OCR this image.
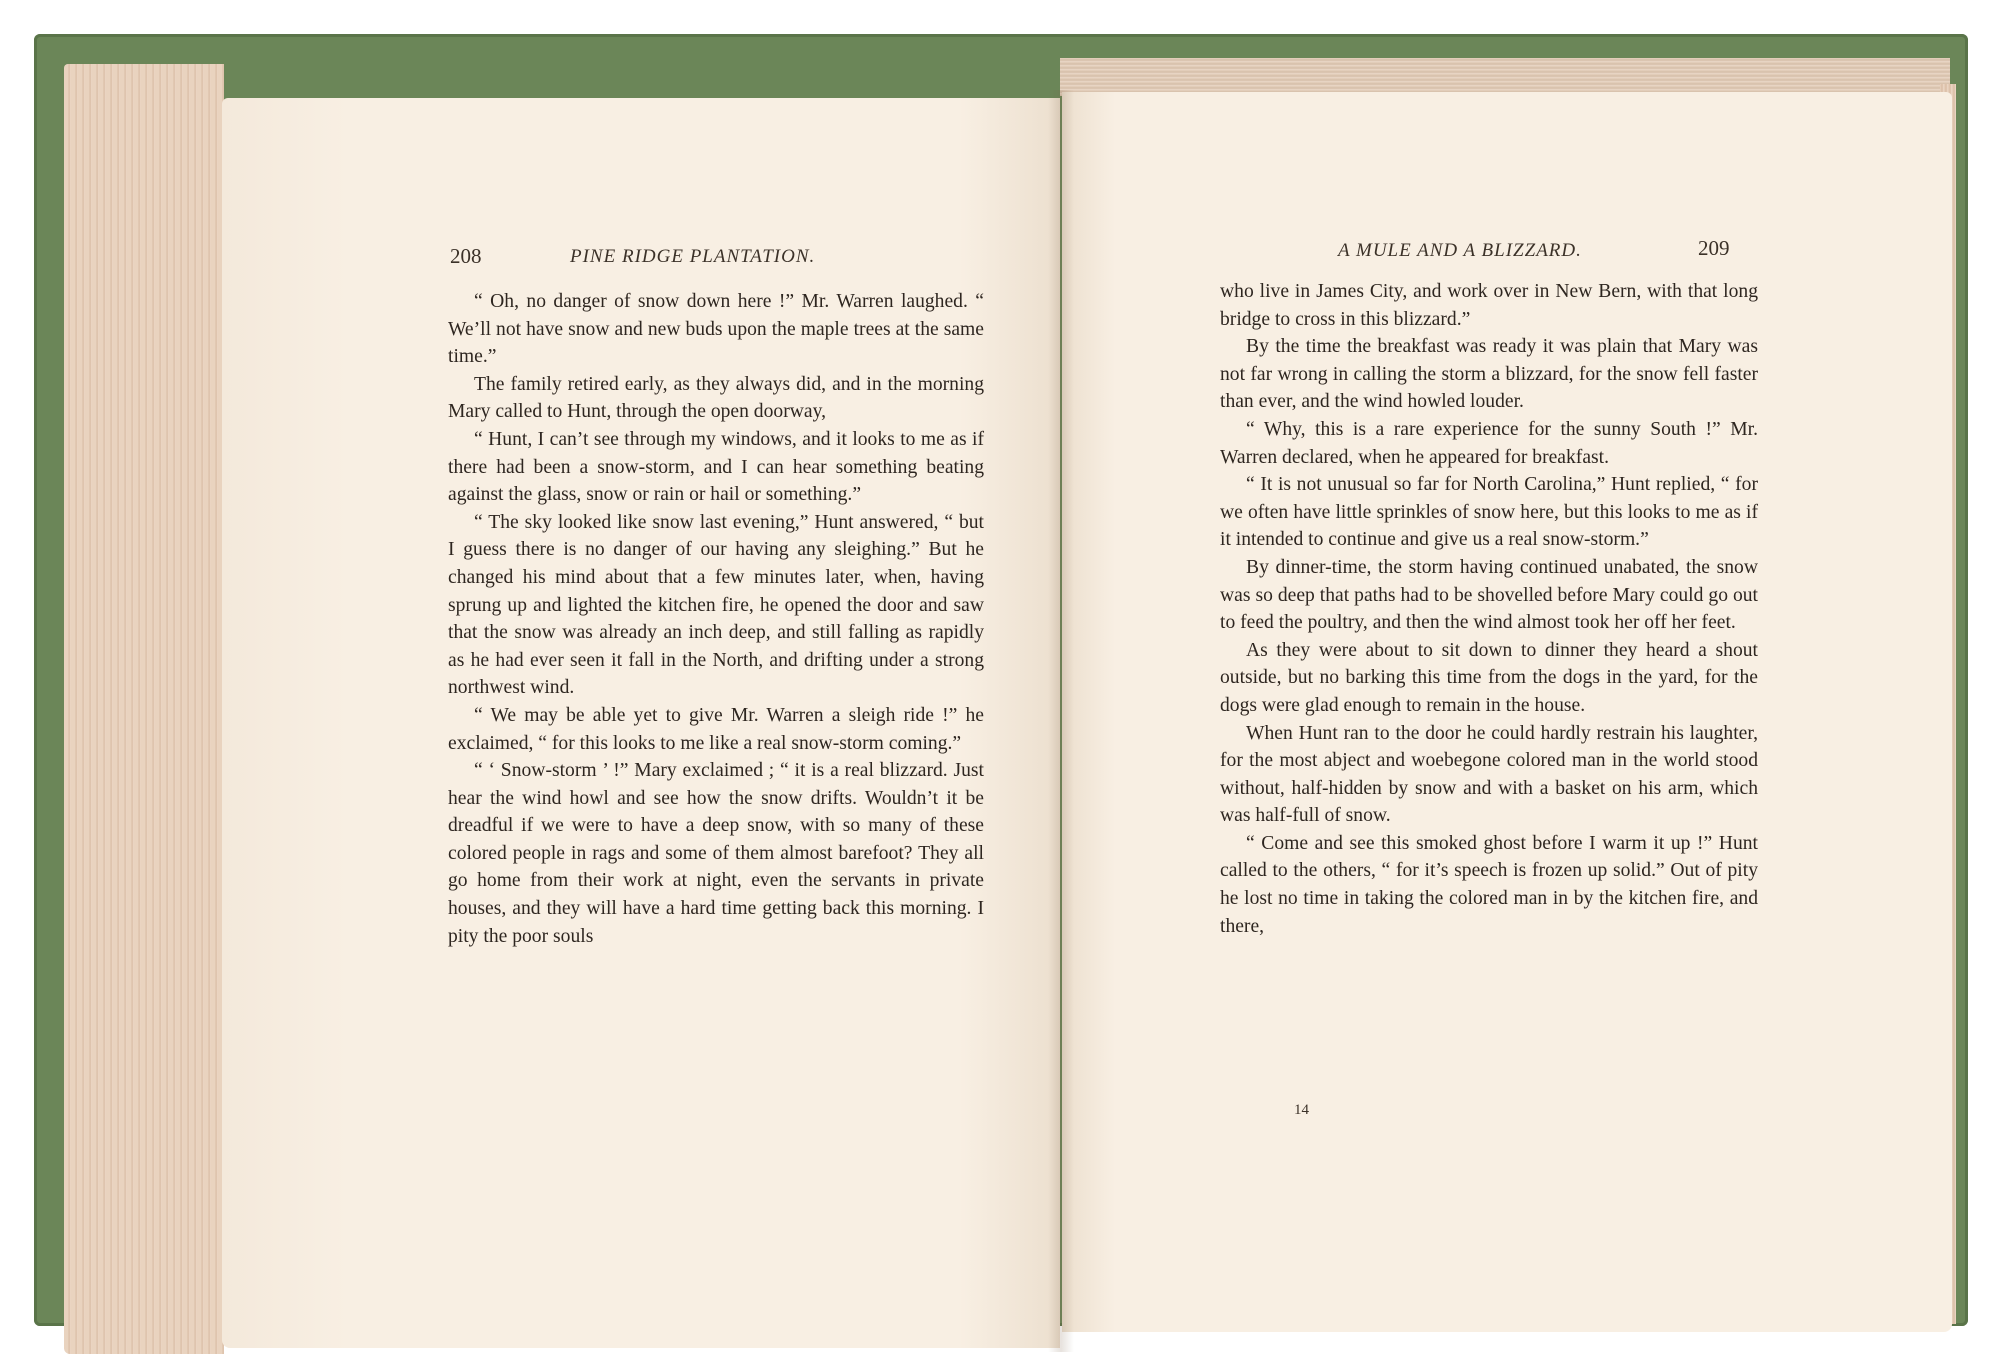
208	PINE RIDGE PLANTATION.

“ Oh, no danger of snow down here !” Mr. Warren laughed. “ We’ll not have snow and new buds upon the maple trees at the same time.”

The family retired early, as they always did, and in the morning Mary called to Hunt, through the open doorway,

“ Hunt, I can’t see through my windows, and it looks to me as if there had been a snow-storm, and I can hear something beating against the glass, snow or rain or hail or something.”

“ The sky looked like snow last evening,” Hunt answered, “ but I guess there is no danger of our having any sleighing.” But he changed his mind about that a few minutes later, when, having sprung up and lighted the kitchen fire, he opened the door and saw that the snow was already an inch deep, and still falling as rapidly as he had ever seen it fall in the North, and drifting under a strong northwest wind.

“ We may be able yet to give Mr. Warren a sleigh ride !” he exclaimed, “ for this looks to me like a real snow-storm coming.”

“ ‘ Snow-storm ’ !” Mary exclaimed ; “ it is a real blizzard. Just hear the wind howl and see how the snow drifts. Wouldn’t it be dreadful if we were to have a deep snow, with so many of these colored people in rags and some of them almost barefoot? They all go home from their work at night, even the servants in private houses, and they will have a hard time getting back this morning. I pity the poor souls

A MULE AND A BLIZZARD.	209

who live in James City, and work over in New Bern, with that long bridge to cross in this blizzard.”

By the time the breakfast was ready it was plain that Mary was not far wrong in calling the storm a blizzard, for the snow fell faster than ever, and the wind howled louder.

“ Why, this is a rare experience for the sunny South !” Mr. Warren declared, when he appeared for breakfast.

“ It is not unusual so far for North Carolina,” Hunt replied, “ for we often have little sprinkles of snow here, but this looks to me as if it intended to continue and give us a real snow-storm.”

By dinner-time, the storm having continued unabated, the snow was so deep that paths had to be shovelled before Mary could go out to feed the poultry, and then the wind almost took her off her feet.

As they were about to sit down to dinner they heard a shout outside, but no barking this time from the dogs in the yard, for the dogs were glad enough to remain in the house.

When Hunt ran to the door he could hardly restrain his laughter, for the most abject and woebegone colored man in the world stood without, half-hidden by snow and with a basket on his arm, which was half-full of snow.

“ Come and see this smoked ghost before I warm it up !” Hunt called to the others, “ for it’s speech is frozen up solid.” Out of pity he lost no time in taking the colored man in by the kitchen fire, and there,

14
